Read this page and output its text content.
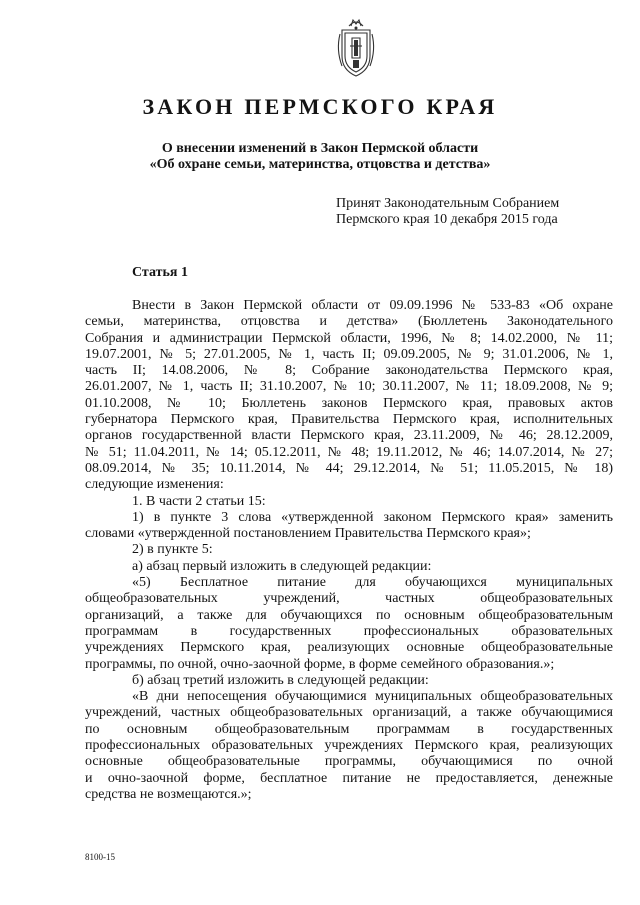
ЗАКОН ПЕРМСКОГО КРАЯ
О внесении изменений в Закон Пермской области
«Об охране семьи, материнства, отцовства и детства»
Принят Законодательным Собранием
Пермского края 10 декабря 2015 года
Статья 1

Внести в Закон Пермской области от 09.09.1996 № 533-83 «Об охране

семьи, материнства, отцовства и детства» (Бюллетень Законодательного

Собрания и администрации Пермской области, 1996, № 8; 14.02.2000, № 11;

19.07.2001, № 5; 27.01.2005, № 1, часть II; 09.09.2005, № 9; 31.01.2006, № 1,

часть II; 14.08.2006, № 8; Собрание законодательства Пермского края,

26.01.2007, № 1, часть II; 31.10.2007, № 10; 30.11.2007, № 11; 18.09.2008, № 9;

01.10.2008, № 10; Бюллетень законов Пермского края, правовых актов

губернатора Пермского края, Правительства Пермского края, исполнительных

органов государственной власти Пермского края, 23.11.2009, № 46; 28.12.2009,

№ 51; 11.04.2011, № 14; 05.12.2011, № 48; 19.11.2012, № 46; 14.07.2014, № 27;

08.09.2014, № 35; 10.11.2014, № 44; 29.12.2014, № 51; 11.05.2015, № 18)

следующие изменения:

1. В части 2 статьи 15:

1) в пункте 3 слова «утвержденной законом Пермского края» заменить

словами «утвержденной постановлением Правительства Пермского края»;

2) в пункте 5:

а) абзац первый изложить в следующей редакции:

«5) Бесплатное питание для обучающихся муниципальных

общеобразовательных учреждений, частных общеобразовательных

организаций, а также для обучающихся по основным общеобразовательным

программам в государственных профессиональных образовательных

учреждениях Пермского края, реализующих основные общеобразовательные

программы, по очной, очно-заочной форме, в форме семейного образования.»;

б) абзац третий изложить в следующей редакции:

«В дни непосещения обучающимися муниципальных общеобразовательных

учреждений, частных общеобразовательных организаций, а также обучающимися

по основным общеобразовательным программам в государственных

профессиональных образовательных учреждениях Пермского края, реализующих

основные общеобразовательные программы, обучающимися по очной

и очно-заочной форме, бесплатное питание не предоставляется, денежные

средства не возмещаются.»;

8100-15
